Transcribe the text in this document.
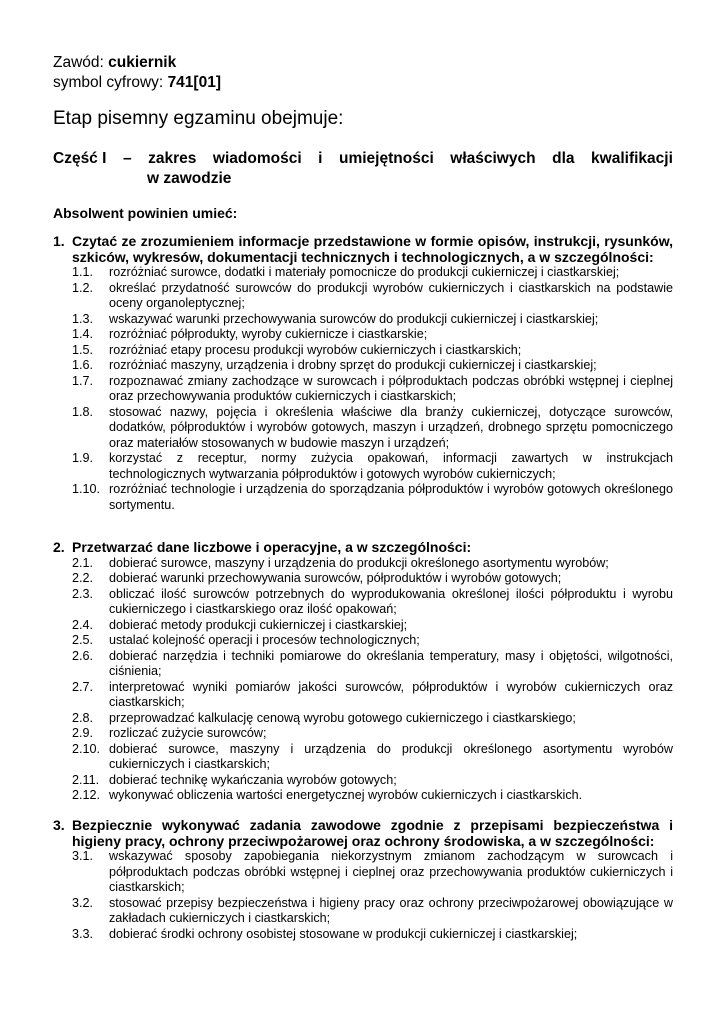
Zawód: cukiernik
symbol cyfrowy: 741[01]
Etap pisemny egzaminu obejmuje:
Część I – zakres wiadomości i umiejętności właściwych dla kwalifikacji
w zawodzie
Absolwent powinien umieć:
1. Czytać ze zrozumieniem informacje przedstawione w formie opisów, instrukcji, rysunków, szkiców, wykresów, dokumentacji technicznych i technologicznych, a w szczególności:
1.1.	rozróżniać surowce, dodatki i materiały pomocnicze do produkcji cukierniczej i ciastkarskiej;
1.2.	określać przydatność surowców do produkcji wyrobów cukierniczych i ciastkarskich na podstawie oceny organoleptycznej;
1.3.	wskazywać warunki przechowywania surowców do produkcji cukierniczej i ciastkarskiej;
1.4.	rozróżniać półprodukty, wyroby cukiernicze i ciastkarskie;
1.5.	rozróżniać etapy procesu produkcji wyrobów cukierniczych i ciastkarskich;
1.6.	rozróżniać maszyny, urządzenia i drobny sprzęt do produkcji cukierniczej i ciastkarskiej;
1.7.	rozpoznawać zmiany zachodzące w surowcach i półproduktach podczas obróbki wstępnej i cieplnej oraz przechowywania produktów cukierniczych i ciastkarskich;
1.8.	stosować nazwy, pojęcia i określenia właściwe dla branży cukierniczej, dotyczące surowców, dodatków, półproduktów i wyrobów gotowych, maszyn i urządzeń, drobnego sprzętu pomocniczego oraz materiałów stosowanych w budowie maszyn i urządzeń;
1.9.	korzystać z receptur, normy zużycia opakowań, informacji zawartych w instrukcjach technologicznych wytwarzania półproduktów i gotowych wyrobów cukierniczych;
1.10. rozróżniać technologie i urządzenia do sporządzania półproduktów i wyrobów gotowych określonego sortymentu.
2. Przetwarzać dane liczbowe i operacyjne, a w szczególności:
2.1.	dobierać surowce, maszyny i urządzenia do produkcji określonego asortymentu wyrobów;
2.2.	dobierać warunki przechowywania surowców, półproduktów i wyrobów gotowych;
2.3.	obliczać ilość surowców potrzebnych do wyprodukowania określonej ilości półproduktu i wyrobu cukierniczego i ciastkarskiego oraz ilość opakowań;
2.4.	dobierać metody produkcji cukierniczej i ciastkarskiej;
2.5.	ustalać kolejność operacji i procesów technologicznych;
2.6.	dobierać narzędzia i techniki pomiarowe do określania temperatury, masy i objętości, wilgotności, ciśnienia;
2.7.	interpretować wyniki pomiarów jakości surowców, półproduktów i wyrobów cukierniczych oraz ciastkarskich;
2.8.	przeprowadzać kalkulację cenową wyrobu gotowego cukierniczego i ciastkarskiego;
2.9.	rozliczać zużycie surowców;
2.10. dobierać surowce, maszyny i urządzenia do produkcji określonego asortymentu wyrobów cukierniczych i ciastkarskich;
2.11. dobierać technikę wykańczania wyrobów gotowych;
2.12. wykonywać obliczenia wartości energetycznej wyrobów cukierniczych i ciastkarskich.
3. Bezpiecznie wykonywać zadania zawodowe zgodnie z przepisami bezpieczeństwa i higieny pracy, ochrony przeciwpożarowej oraz ochrony środowiska, a w szczególności:
3.1.	wskazywać sposoby zapobiegania niekorzystnym zmianom zachodzącym w surowcach i półproduktach podczas obróbki wstępnej i cieplnej oraz przechowywania produktów cukierniczych i ciastkarskich;
3.2.	stosować przepisy bezpieczeństwa i higieny pracy oraz ochrony przeciwpożarowej obowiązujące w zakładach cukierniczych i ciastkarskich;
3.3.	dobierać środki ochrony osobistej stosowane w produkcji cukierniczej i ciastkarskiej;
